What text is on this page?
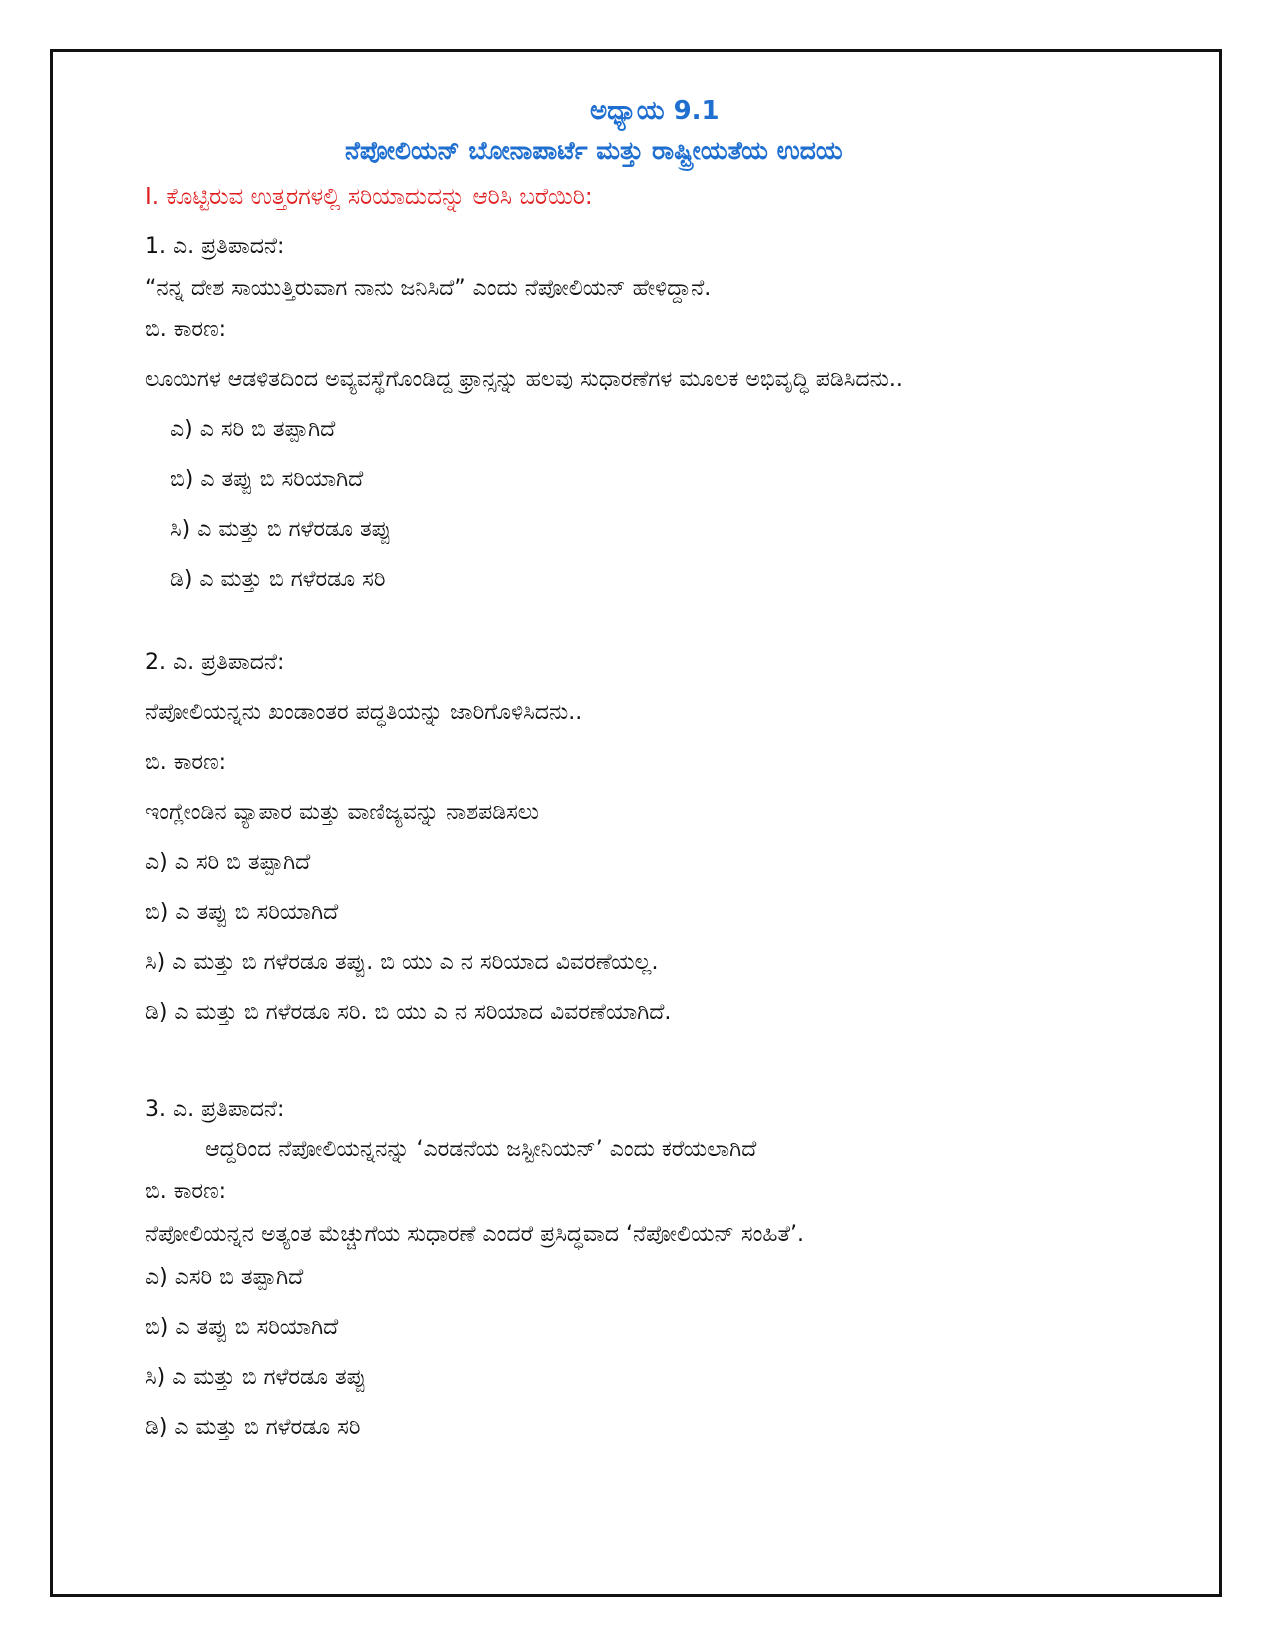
ಅಧ್ಯಾಯ 9.1
ನೆಪೋಲಿಯನ್ ಬೋನಾಪಾರ್ಟೆ ಮತ್ತು ರಾಷ್ಟ್ರೀಯತೆಯ ಉದಯ
I. ಕೊಟ್ಟಿರುವ ಉತ್ತರಗಳಲ್ಲಿ ಸರಿಯಾದುದನ್ನು ಆರಿಸಿ ಬರೆಯಿರಿ:
1. ಎ. ಪ್ರತಿಪಾದನೆ:
“ನನ್ನ ದೇಶ ಸಾಯುತ್ತಿರುವಾಗ ನಾನು ಜನಿಸಿದೆ” ಎಂದು ನೆಪೋಲಿಯನ್ ಹೇಳಿದ್ದಾನೆ.
ಬಿ. ಕಾರಣ:
ಲೂಯಿಗಳ ಆಡಳಿತದಿಂದ ಅವ್ಯವಸ್ಥೆಗೊಂಡಿದ್ದ ಫ್ರಾನ್ಸನ್ನು ಹಲವು ಸುಧಾರಣೆಗಳ ಮೂಲಕ ಅಭಿವೃದ್ಧಿ ಪಡಿಸಿದನು..
ಎ) ಎ ಸರಿ ಬಿ ತಪ್ಪಾಗಿದೆ
ಬಿ) ಎ ತಪ್ಪು ಬಿ ಸರಿಯಾಗಿದೆ
ಸಿ) ಎ ಮತ್ತು ಬಿ ಗಳೆರಡೂ ತಪ್ಪು
ಡಿ) ಎ ಮತ್ತು ಬಿ ಗಳೆರಡೂ ಸರಿ
2. ಎ. ಪ್ರತಿಪಾದನೆ:
ನೆಪೋಲಿಯನ್ನನು ಖಂಡಾಂತರ ಪದ್ಧತಿಯನ್ನು ಜಾರಿಗೊಳಿಸಿದನು..
ಬಿ. ಕಾರಣ:
ಇಂಗ್ಲೇಂಡಿನ ವ್ಯಾಪಾರ ಮತ್ತು ವಾಣಿಜ್ಯವನ್ನು ನಾಶಪಡಿಸಲು
ಎ) ಎ ಸರಿ ಬಿ ತಪ್ಪಾಗಿದೆ
ಬಿ) ಎ ತಪ್ಪು ಬಿ ಸರಿಯಾಗಿದೆ
ಸಿ) ಎ ಮತ್ತು ಬಿ ಗಳೆರಡೂ ತಪ್ಪು. ಬಿ ಯು ಎ ನ ಸರಿಯಾದ ವಿವರಣೆಯಲ್ಲ.
ಡಿ) ಎ ಮತ್ತು ಬಿ ಗಳೆರಡೂ ಸರಿ. ಬಿ ಯು ಎ ನ ಸರಿಯಾದ ವಿವರಣೆಯಾಗಿದೆ.
3. ಎ. ಪ್ರತಿಪಾದನೆ:
ಆದ್ದರಿಂದ ನೆಪೋಲಿಯನ್ನನನ್ನು ‘ಎರಡನೆಯ ಜಸ್ಟೀನಿಯನ್’ ಎಂದು ಕರೆಯಲಾಗಿದೆ
ಬಿ. ಕಾರಣ:
ನೆಪೋಲಿಯನ್ನನ ಅತ್ಯಂತ ಮೆಚ್ಚುಗೆಯ ಸುಧಾರಣೆ ಎಂದರೆ ಪ್ರಸಿದ್ಧವಾದ ‘ನೆಪೋಲಿಯನ್ ಸಂಹಿತೆ’.
ಎ) ಎಸರಿ ಬಿ ತಪ್ಪಾಗಿದೆ
ಬಿ) ಎ ತಪ್ಪು ಬಿ ಸರಿಯಾಗಿದೆ
ಸಿ) ಎ ಮತ್ತು ಬಿ ಗಳೆರಡೂ ತಪ್ಪು
ಡಿ) ಎ ಮತ್ತು ಬಿ ಗಳೆರಡೂ ಸರಿ
